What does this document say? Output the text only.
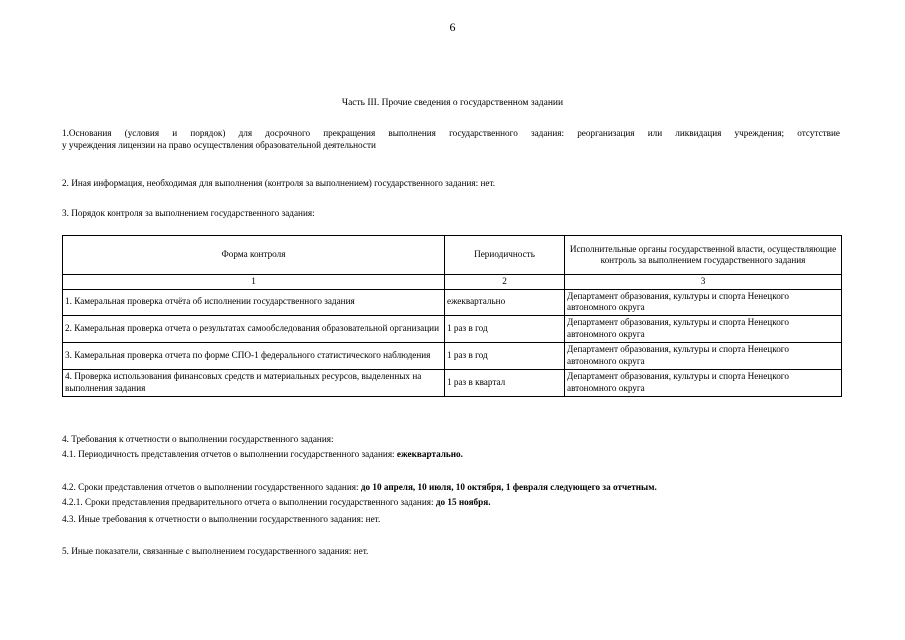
6
Часть III. Прочие сведения о государственном задании
1.Основания (условия и порядок) для досрочного прекращения выполнения государственного задания: реорганизация или ликвидация учреждения; отсутствие
у учреждения лицензии на право осуществления образовательной деятельности
2. Иная информация, необходимая для выполнения (контроля за выполнением) государственного задания: нет.
3. Порядок контроля за выполнением государственного задания:
Форма контроля	Периодичность	Исполнительные органы государственной власти, осуществляющие контроль за выполнением государственного задания
1	2	3
1. Камеральная проверка отчёта об исполнении государственного задания	ежеквартально	Департамент образования, культуры и спорта Ненецкого автономного округа
2. Камеральная проверка отчета о результатах самообследования образовательной организации	1 раз в год	Департамент образования, культуры и спорта Ненецкого автономного округа
3. Камеральная проверка отчета по форме СПО-1 федерального статистического наблюдения	1 раз в год	Департамент образования, культуры и спорта Ненецкого автономного округа
4. Проверка использования финансовых средств и материальных ресурсов, выделенных на выполнения задания	1 раз в квартал	Департамент образования, культуры и спорта Ненецкого автономного округа
4. Требования к отчетности о выполнении государственного задания:
4.1. Периодичность представления отчетов о выполнении государственного задания: ежеквартально.
4.2. Сроки представления отчетов о выполнении государственного задания: до 10 апреля, 10 июля, 10 октября, 1 февраля следующего за отчетным.
4.2.1. Сроки представления предварительного отчета о выполнении государственного задания: до 15 ноября.
4.3. Иные требования к отчетности о выполнении государственного задания: нет.
5. Иные показатели, связанные с выполнением государственного задания: нет.
